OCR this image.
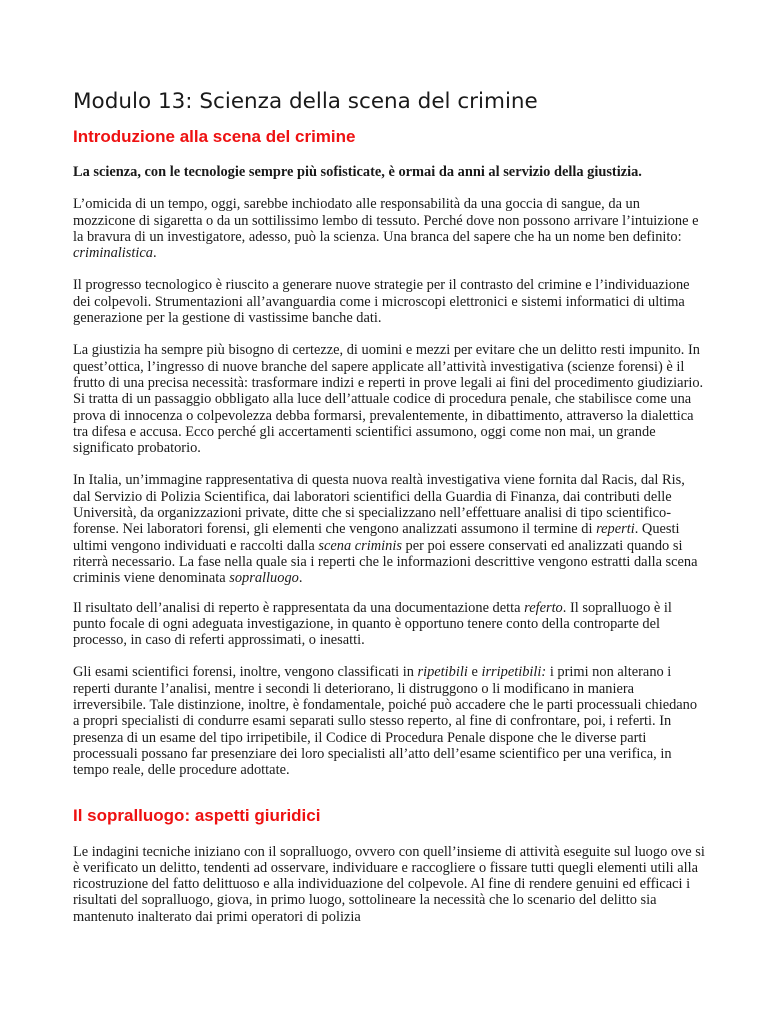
Modulo 13: Scienza della scena del crimine
Introduzione alla scena del crimine

La scienza, con le tecnologie sempre più sofisticate, è ormai da anni al servizio della giustizia.

L’omicida di un tempo, oggi, sarebbe inchiodato alle responsabilità da una goccia di sangue, da un mozzicone di sigaretta o da un sottilissimo lembo di tessuto. Perché dove non possono arrivare l’intuizione e la bravura di un investigatore, adesso, può la scienza. Una branca del sapere che ha un nome ben definito: criminalistica.

Il progresso tecnologico è riuscito a generare nuove strategie per il contrasto del crimine e l’individuazione dei colpevoli. Strumentazioni all’avanguardia come i microscopi elettronici e sistemi informatici di ultima generazione per la gestione di vastissime banche dati.

La giustizia ha sempre più bisogno di certezze, di uomini e mezzi per evitare che un delitto resti impunito. In quest’ottica, l’ingresso di nuove branche del sapere applicate all’attività investigativa (scienze forensi) è il frutto di una precisa necessità: trasformare indizi e reperti in prove legali ai fini del procedimento giudiziario. Si tratta di un passaggio obbligato alla luce dell’attuale codice di procedura penale, che stabilisce come una prova di innocenza o colpevolezza debba formarsi, prevalentemente, in dibattimento, attraverso la dialettica tra difesa e accusa. Ecco perché gli accertamenti scientifici assumono, oggi come non mai, un grande significato probatorio.

In Italia, un’immagine rappresentativa di questa nuova realtà investigativa viene fornita dal Racis, dal Ris, dal Servizio di Polizia Scientifica, dai laboratori scientifici della Guardia di Finanza, dai contributi delle Università, da organizzazioni private, ditte che si specializzano nell’effettuare analisi di tipo scientifico-forense. Nei laboratori forensi, gli elementi che vengono analizzati assumono il termine di reperti. Questi ultimi vengono individuati e raccolti dalla scena criminis per poi essere conservati ed analizzati quando si riterrà necessario. La fase nella quale sia i reperti che le informazioni descrittive vengono estratti dalla scena criminis viene denominata sopralluogo.

Il risultato dell’analisi di reperto è rappresentata da una documentazione detta referto. Il sopralluogo è il punto focale di ogni adeguata investigazione, in quanto è opportuno tenere conto della controparte del processo, in caso di referti approssimati, o inesatti.

Gli esami scientifici forensi, inoltre, vengono classificati in ripetibili e irripetibili: i primi non alterano i reperti durante l’analisi, mentre i secondi li deteriorano, li distruggono o li modificano in maniera irreversibile. Tale distinzione, inoltre, è fondamentale, poiché può accadere che le parti processuali chiedano a propri specialisti di condurre esami separati sullo stesso reperto, al fine di confrontare, poi, i referti. In presenza di un esame del tipo irripetibile, il Codice di Procedura Penale dispone che le diverse parti processuali possano far presenziare dei loro specialisti all’atto dell’esame scientifico per una verifica, in tempo reale, delle procedure adottate.

Il sopralluogo: aspetti giuridici

Le indagini tecniche iniziano con il sopralluogo, ovvero con quell’insieme di attività eseguite sul luogo ove si è verificato un delitto, tendenti ad osservare, individuare e raccogliere o fissare tutti quegli elementi utili alla ricostruzione del fatto delittuoso e alla individuazione del colpevole. Al fine di rendere genuini ed efficaci i risultati del sopralluogo, giova, in primo luogo, sottolineare la necessità che lo scenario del delitto sia mantenuto inalterato dai primi operatori di polizia
